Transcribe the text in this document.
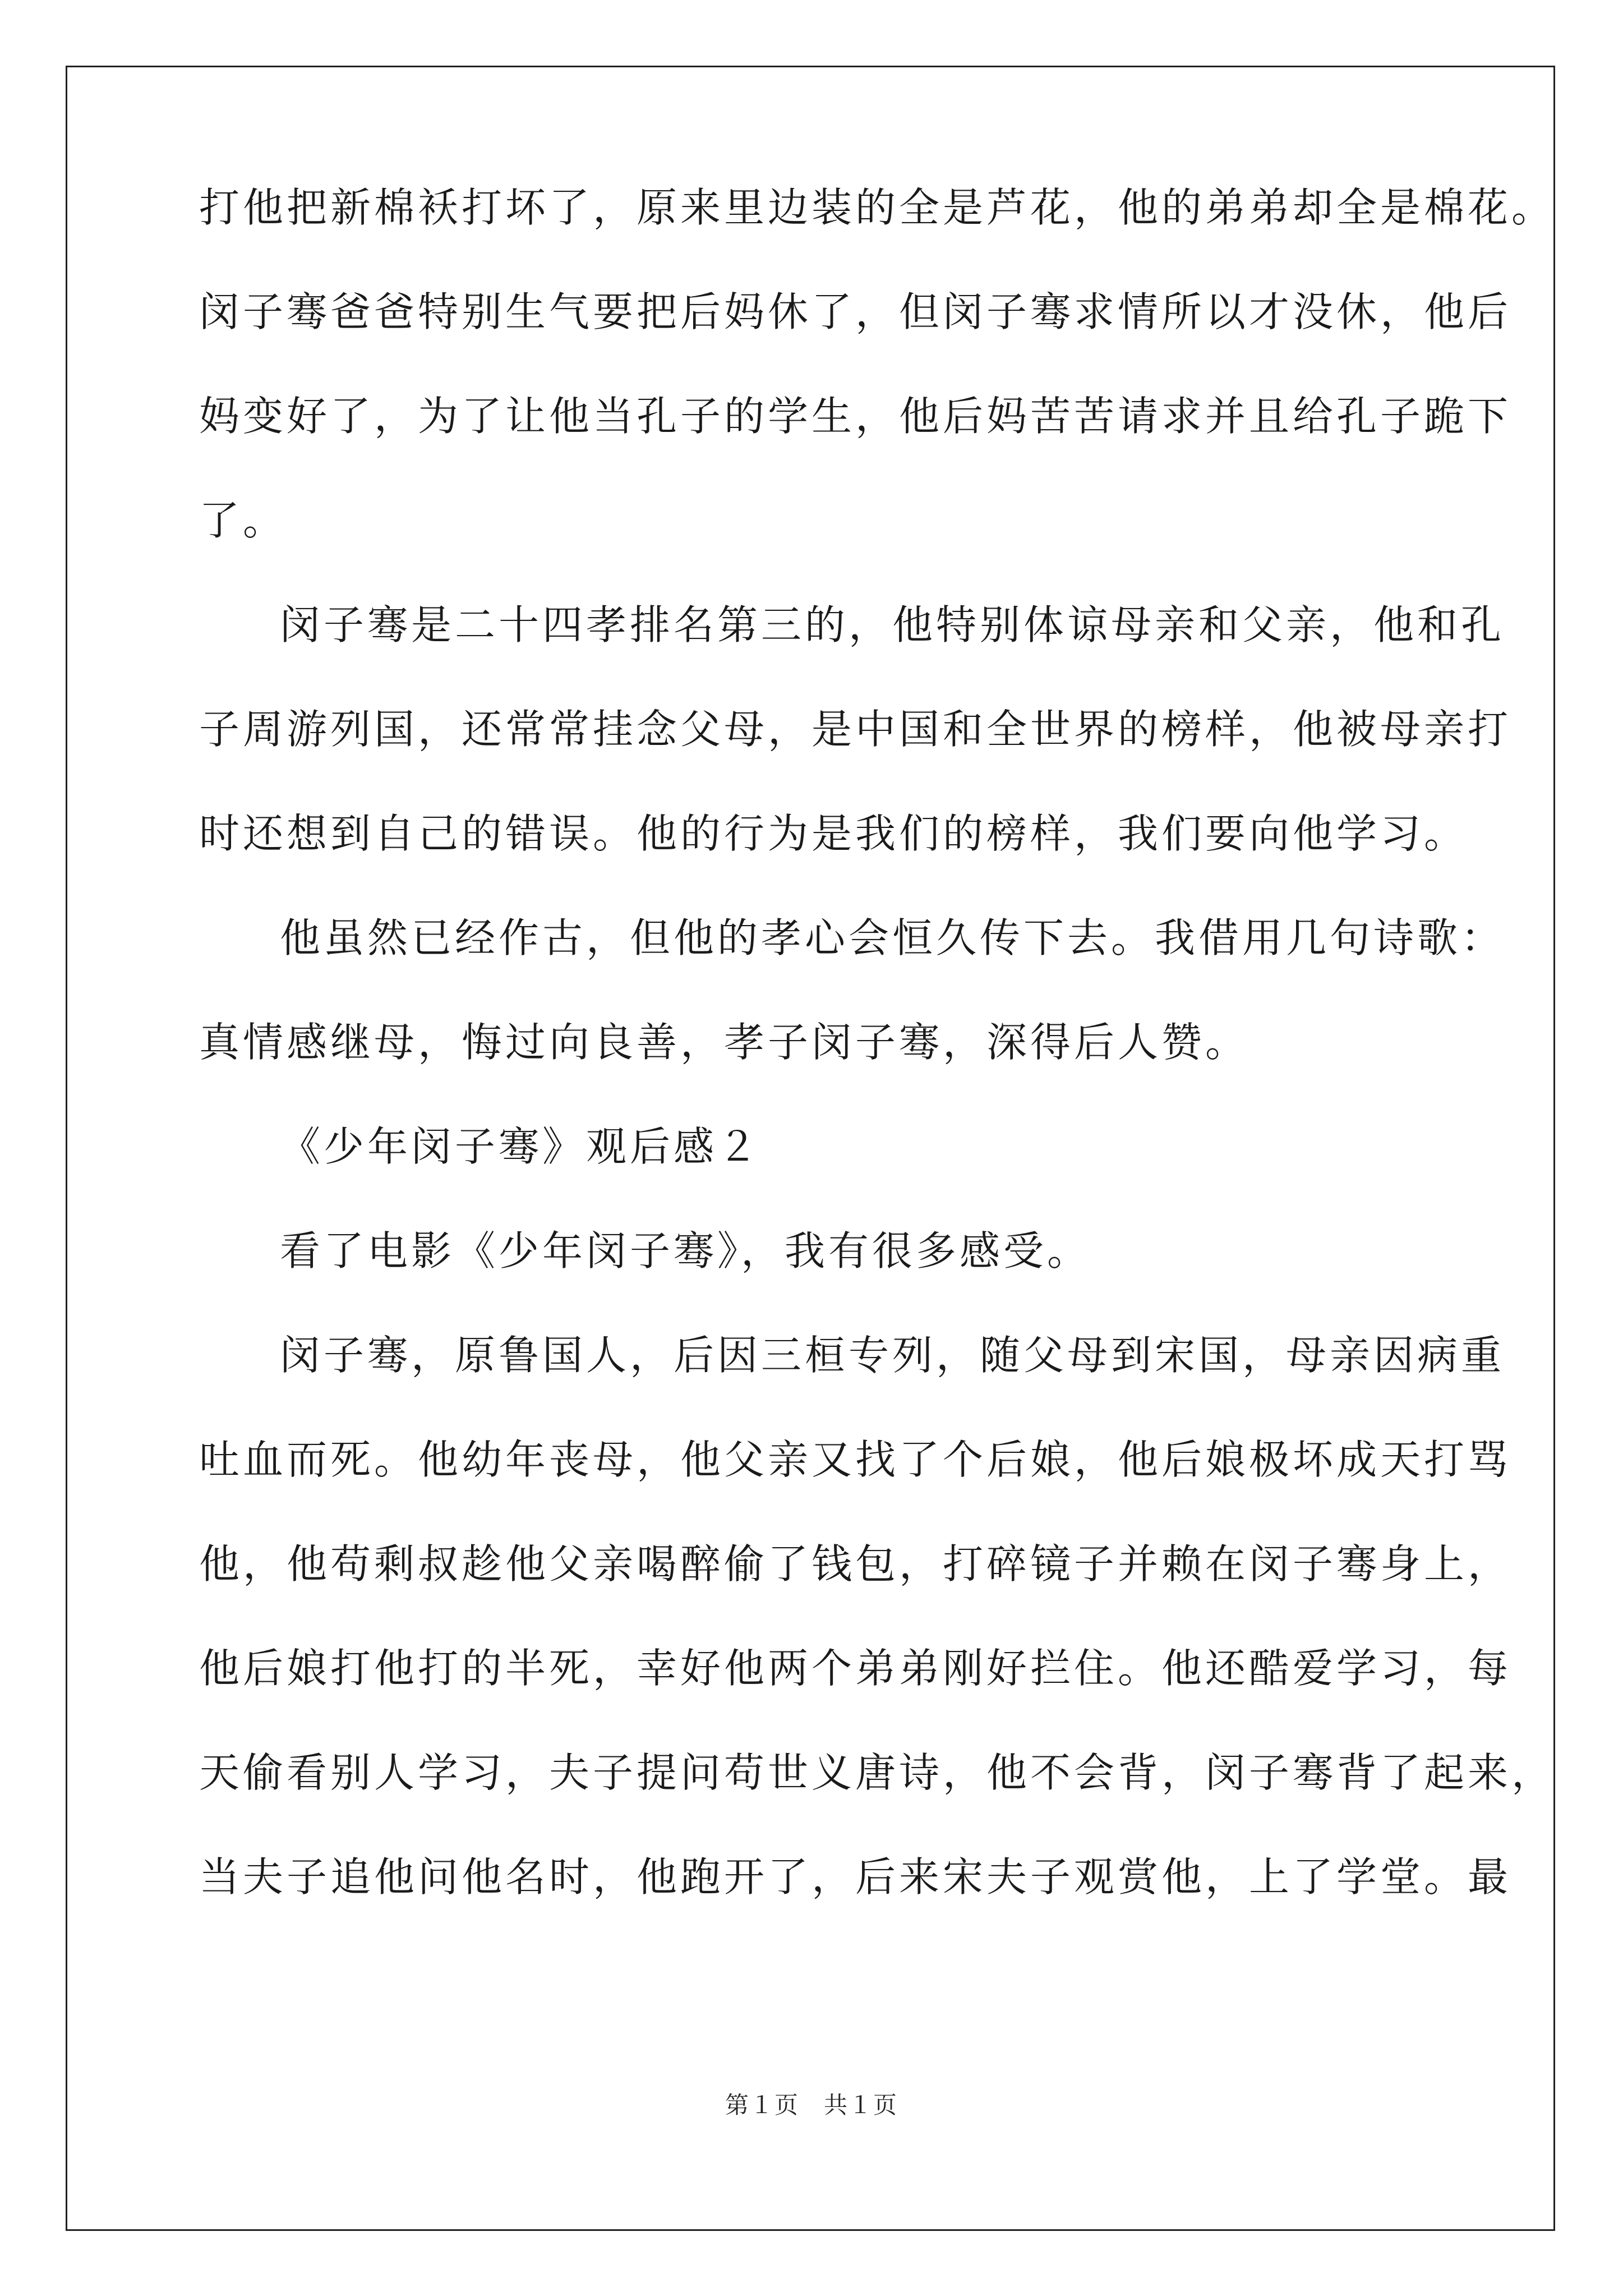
打他把新棉袄打坏了，原来里边装的全是芦花，他的弟弟却全是棉花。
闵子骞爸爸特别生气要把后妈休了，但闵子骞求情所以才没休，他后
妈变好了，为了让他当孔子的学生，他后妈苦苦请求并且给孔子跪下
了。
闵子骞是二十四孝排名第三的，他特别体谅母亲和父亲，他和孔
子周游列国，还常常挂念父母，是中国和全世界的榜样，他被母亲打
时还想到自己的错误。他的行为是我们的榜样，我们要向他学习。
他虽然已经作古，但他的孝心会恒久传下去。我借用几句诗歌：
真情感继母，悔过向良善，孝子闵子骞，深得后人赞。
《少年闵子骞》观后感２
看了电影《少年闵子骞》，我有很多感受。
闵子骞，原鲁国人，后因三桓专列，随父母到宋国，母亲因病重
吐血而死。他幼年丧母，他父亲又找了个后娘，他后娘极坏成天打骂
他，他苟剩叔趁他父亲喝醉偷了钱包，打碎镜子并赖在闵子骞身上，
他后娘打他打的半死，幸好他两个弟弟刚好拦住。他还酷爱学习，每
天偷看别人学习，夫子提问苟世义唐诗，他不会背，闵子骞背了起来，
当夫子追他问他名时，他跑开了，后来宋夫子观赏他，上了学堂。最
第１页　共１页
